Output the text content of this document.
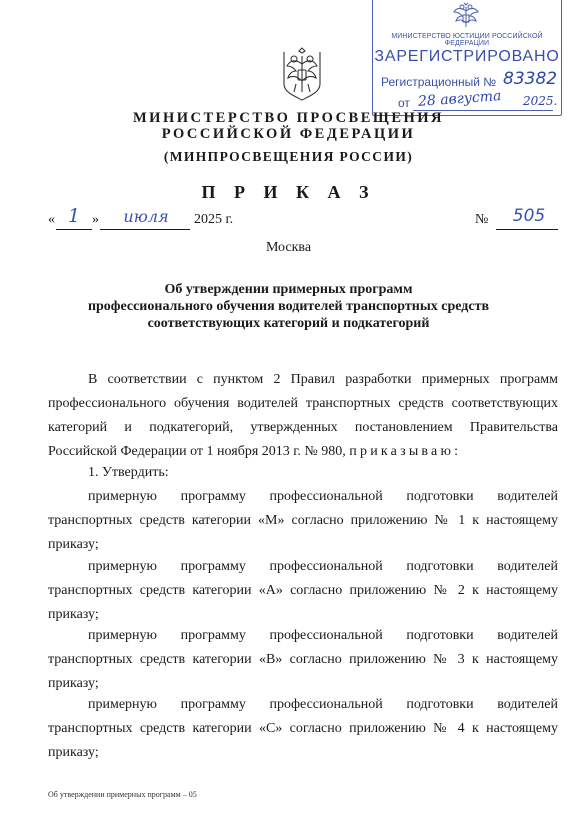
МИНИСТЕРСТВО ЮСТИЦИИ РОССИЙСКОЙ ФЕДЕРАЦИИ
ЗАРЕГИСТРИРОВАНО
Регистрационный № 83382
от 28 августа 2025.
МИНИСТЕРСТВО ПРОСВЕЩЕНИЯ
РОССИЙСКОЙ ФЕДЕРАЦИИ
(МИНПРОСВЕЩЕНИЯ РОССИИ)
П Р И К А З
« 1 »	июля	2025 г.	№	505
Москва
Об утверждении примерных программ
профессионального обучения водителей транспортных средств
соответствующих категорий и подкатегорий
В соответствии с пунктом 2 Правил разработки примерных программ профессионального обучения водителей транспортных средств соответствующих категорий и подкатегорий, утвержденных постановлением Правительства Российской Федерации от 1 ноября 2013 г. № 980, приказываю:
1. Утвердить:
примерную программу профессиональной подготовки водителей транспортных средств категории «M» согласно приложению № 1 к настоящему приказу;
примерную программу профессиональной подготовки водителей транспортных средств категории «A» согласно приложению № 2 к настоящему приказу;
примерную программу профессиональной подготовки водителей транспортных средств категории «B» согласно приложению № 3 к настоящему приказу;
примерную программу профессиональной подготовки водителей транспортных средств категории «C» согласно приложению № 4 к настоящему приказу;
Об утверждении примерных программ – 05
